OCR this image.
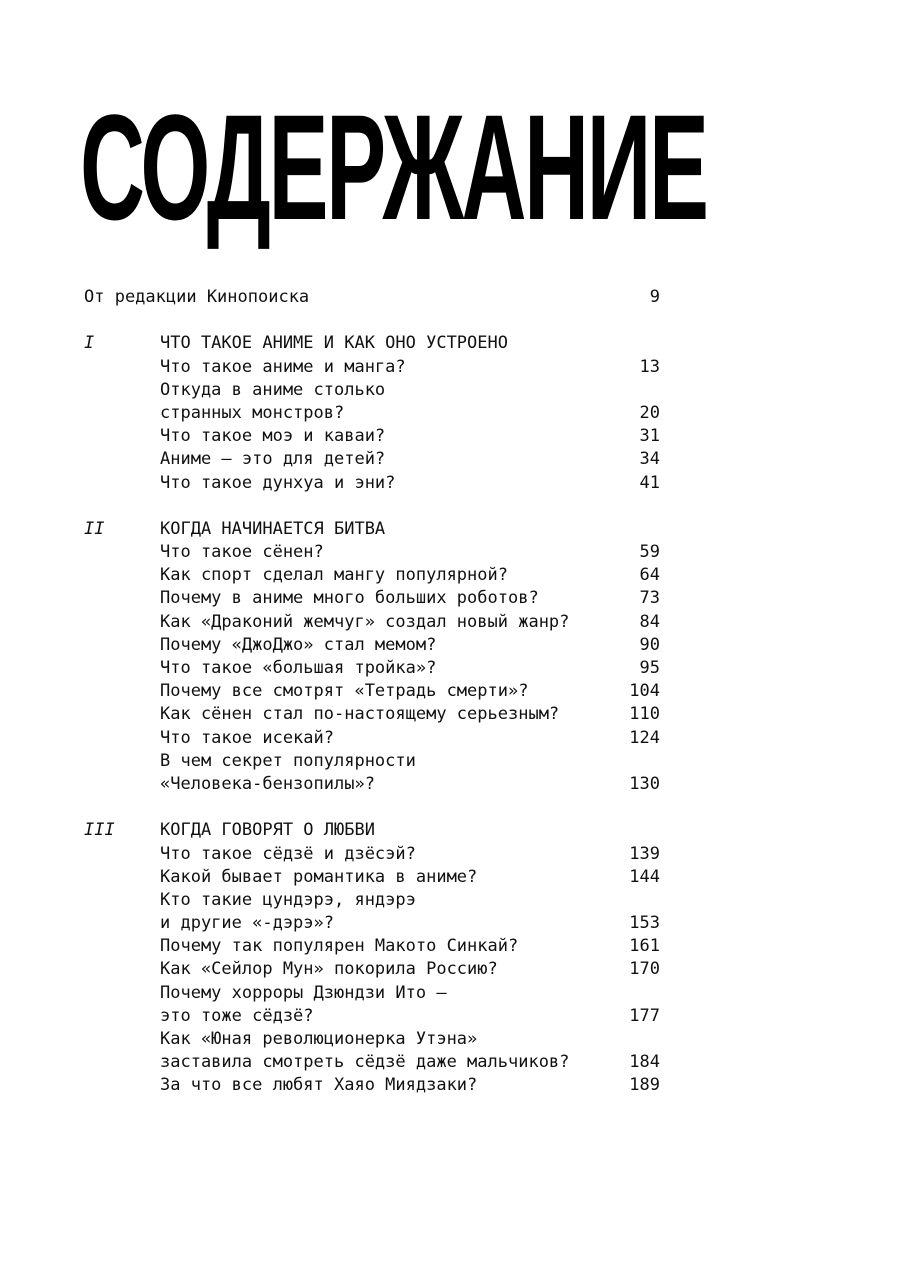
СОДЕРЖАНИЕ
От редакции Кинопоиска	9
I	ЧТО ТАКОЕ АНИМЕ И КАК ОНО УСТРОЕНО
Что такое аниме и манга?	13
Откуда в аниме столько
странных монстров?	20
Что такое моэ и каваи?	31
Аниме — это для детей?	34
Что такое дунхуа и эни?	41
II	КОГДА НАЧИНАЕТСЯ БИТВА
Что такое сёнен?	59
Как спорт сделал мангу популярной?	64
Почему в аниме много больших роботов?	73
Как «Драконий жемчуг» создал новый жанр?	84
Почему «ДжоДжо» стал мемом?	90
Что такое «большая тройка»?	95
Почему все смотрят «Тетрадь смерти»?	104
Как сёнен стал по-настоящему серьезным?	110
Что такое исекай?	124
В чем секрет популярности
«Человека-бензопилы»?	130
III	КОГДА ГОВОРЯТ О ЛЮБВИ
Что такое сёдзё и дзёсэй?	139
Какой бывает романтика в аниме?	144
Кто такие цундэрэ, яндэрэ
и другие «-дэрэ»?	153
Почему так популярен Макото Синкай?	161
Как «Сейлор Мун» покорила Россию?	170
Почему хорроры Дзюндзи Ито —
это тоже сёдзё?	177
Как «Юная революционерка Утэна»
заставила смотреть сёдзё даже мальчиков?	184
За что все любят Хаяо Миядзаки?	189
